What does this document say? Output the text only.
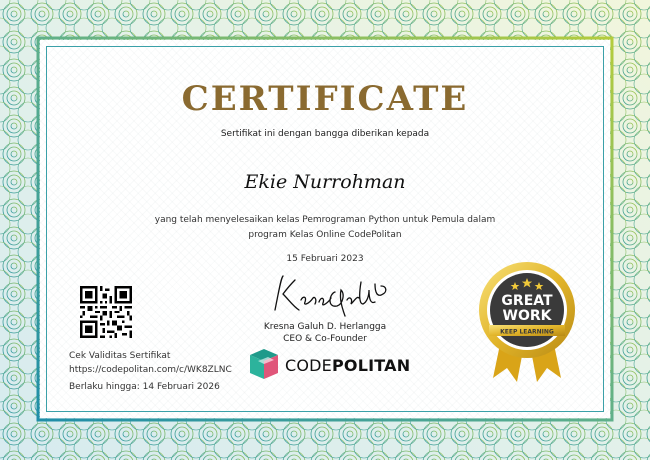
CERTIFICATE
Sertifikat ini dengan bangga diberikan kepada
Ekie Nurrohman
yang telah menyelesaikan kelas Pemrograman Python untuk Pemula dalam
program Kelas Online CodePolitan
15 Februari 2023
Kresna Galuh D. Herlangga
CEO & Co-Founder
Cek Validitas Sertifikat
https://codepolitan.com/c/WK8ZLNC
Berlaku hingga: 14 Februari 2026
CODEPOLITAN
GREAT
WORK
KEEP LEARNING
